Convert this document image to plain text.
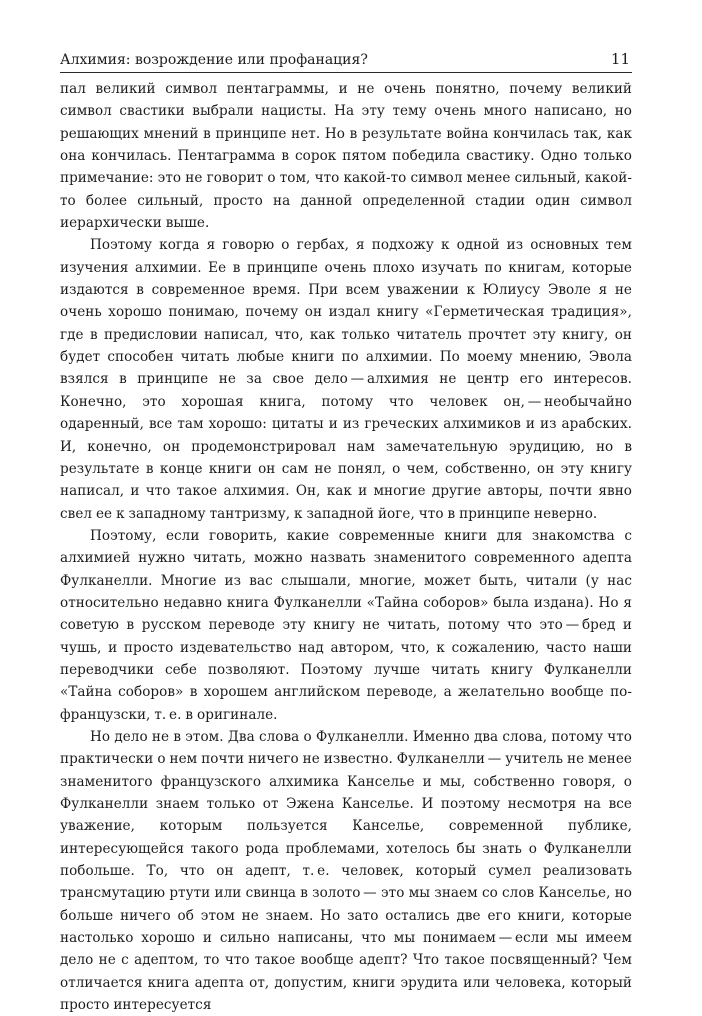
Алхимия: возрождение или профанация?	11

пал великий символ пентаграммы, и не очень понятно, почему великий символ свастики выбрали нацисты. На эту тему очень много написано, но решающих мнений в принципе нет. Но в результате война кончилась так, как она кончилась. Пентаграмма в сорок пятом победила свастику. Одно только примечание: это не говорит о том, что какой-то символ менее сильный, какой-то более сильный, просто на данной определенной стадии один символ иерархически выше.

Поэтому когда я говорю о гербах, я подхожу к одной из основных тем изучения алхимии. Ее в принципе очень плохо изучать по книгам, которые издаются в современное время. При всем уважении к Юлиусу Эволе я не очень хорошо понимаю, почему он издал книгу «Герметическая традиция», где в предисловии написал, что, как только читатель прочтет эту книгу, он будет способен читать любые книги по алхимии. По моему мнению, Эвола взялся в принципе не за свое дело — алхимия не центр его интересов. Конечно, это хорошая книга, потому что человек он, — необычайно одаренный, все там хорошо: цитаты и из греческих алхимиков и из арабских. И, конечно, он продемонстрировал нам замечательную эрудицию, но в результате в конце книги он сам не понял, о чем, собственно, он эту книгу написал, и что такое алхимия. Он, как и многие другие авторы, почти явно свел ее к западному тантризму, к западной йоге, что в принципе неверно.

Поэтому, если говорить, какие современные книги для знакомства с алхимией нужно читать, можно назвать знаменитого современного адепта Фулканелли. Многие из вас слышали, многие, может быть, читали (у нас относительно недавно книга Фулканелли «Тайна соборов» была издана). Но я советую в русском переводе эту книгу не читать, потому что это — бред и чушь, и просто издевательство над автором, что, к сожалению, часто наши переводчики себе позволяют. Поэтому лучше читать книгу Фулканелли «Тайна соборов» в хорошем английском переводе, а желательно вообще по-французски, т. е. в оригинале.

Но дело не в этом. Два слова о Фулканелли. Именно два слова, потому что практически о нем почти ничего не известно. Фулканелли — учитель не менее знаменитого французского алхимика Канселье и мы, собственно говоря, о Фулканелли знаем только от Эжена Канселье. И поэтому несмотря на все уважение, которым пользуется Канселье, современной публике, интересующейся такого рода проблемами, хотелось бы знать о Фулканелли побольше. То, что он адепт, т. е. человек, который сумел реализовать трансмутацию ртути или свинца в золото — это мы знаем со слов Канселье, но больше ничего об этом не знаем. Но зато остались две его книги, которые настолько хорошо и сильно написаны, что мы понимаем — если мы имеем дело не с адептом, то что такое вообще адепт? Что такое посвященный? Чем отличается книга адепта от, допустим, книги эрудита или человека, который просто интересуется
